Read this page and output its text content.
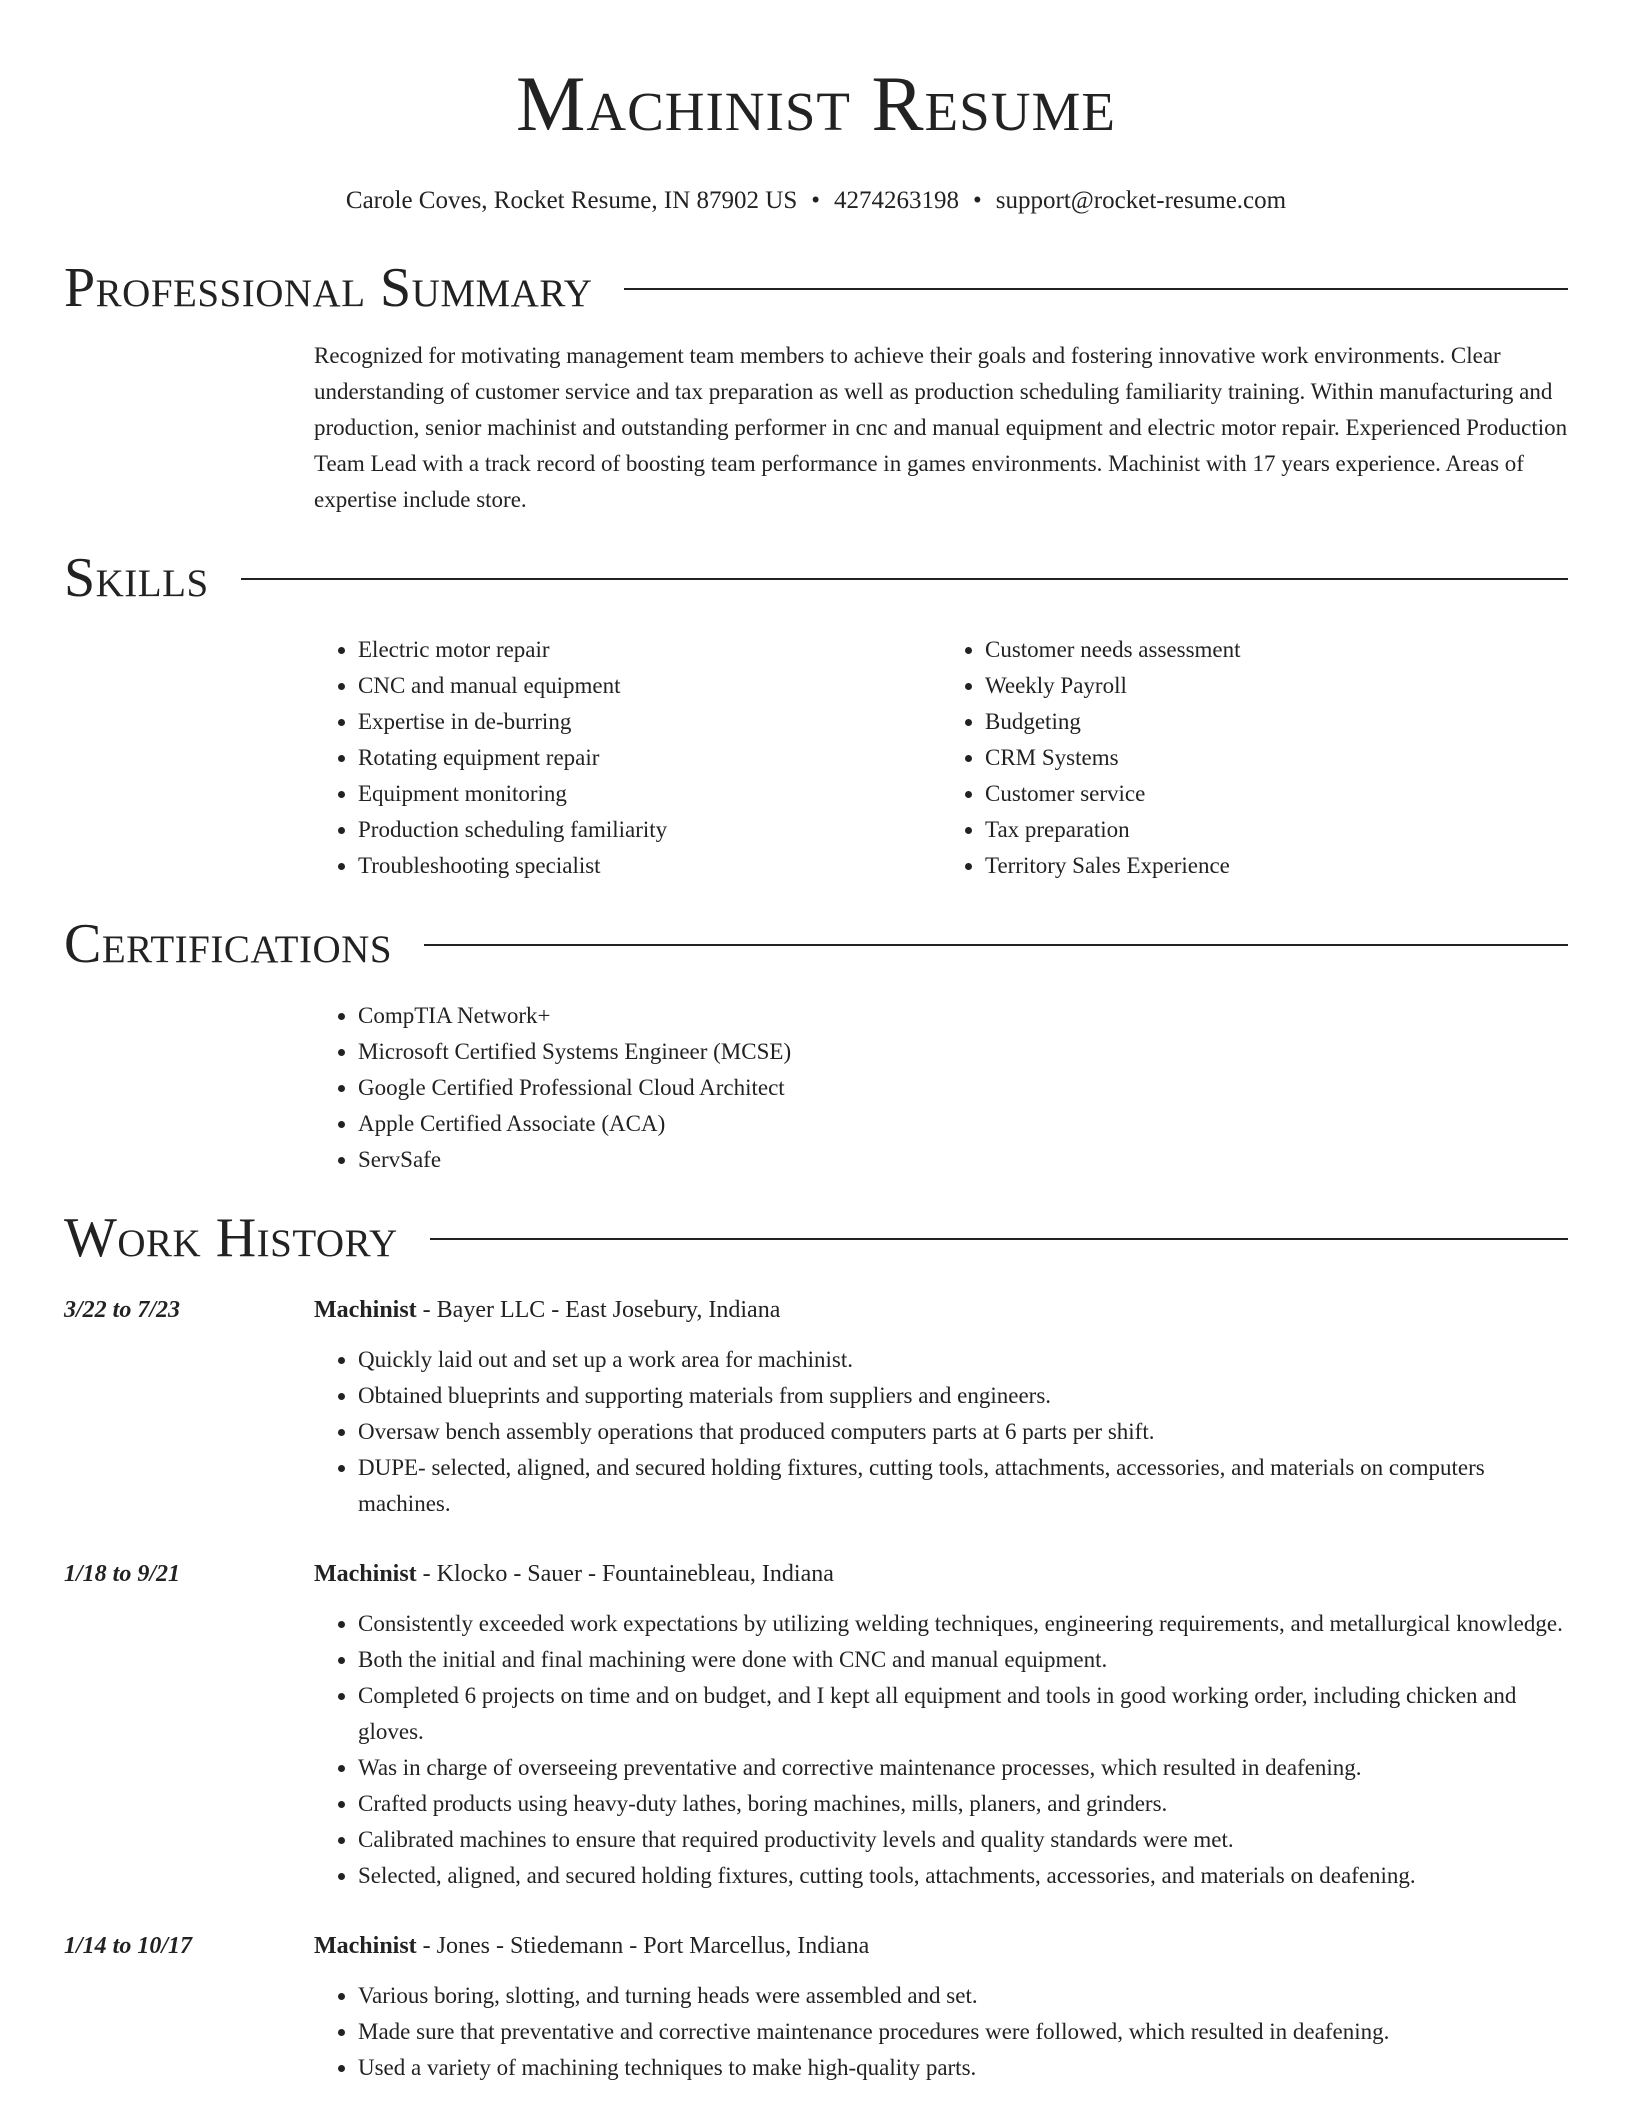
Machinist Resume
Carole Coves, Rocket Resume, IN 87902 US • 4274263198 • support@rocket-resume.com
Professional Summary
Recognized for motivating management team members to achieve their goals and fostering innovative work environments. Clear understanding of customer service and tax preparation as well as production scheduling familiarity training. Within manufacturing and production, senior machinist and outstanding performer in cnc and manual equipment and electric motor repair. Experienced Production Team Lead with a track record of boosting team performance in games environments. Machinist with 17 years experience. Areas of expertise include store.
Skills
• Electric motor repair
• CNC and manual equipment
• Expertise in de-burring
• Rotating equipment repair
• Equipment monitoring
• Production scheduling familiarity
• Troubleshooting specialist
• Customer needs assessment
• Weekly Payroll
• Budgeting
• CRM Systems
• Customer service
• Tax preparation
• Territory Sales Experience
Certifications
• CompTIA Network+
• Microsoft Certified Systems Engineer (MCSE)
• Google Certified Professional Cloud Architect
• Apple Certified Associate (ACA)
• ServSafe
Work History
3/22 to 7/23	Machinist - Bayer LLC - East Josebury, Indiana
• Quickly laid out and set up a work area for machinist.
• Obtained blueprints and supporting materials from suppliers and engineers.
• Oversaw bench assembly operations that produced computers parts at 6 parts per shift.
• DUPE- selected, aligned, and secured holding fixtures, cutting tools, attachments, accessories, and materials on computers machines.
1/18 to 9/21	Machinist - Klocko - Sauer - Fountainebleau, Indiana
• Consistently exceeded work expectations by utilizing welding techniques, engineering requirements, and metallurgical knowledge.
• Both the initial and final machining were done with CNC and manual equipment.
• Completed 6 projects on time and on budget, and I kept all equipment and tools in good working order, including chicken and gloves.
• Was in charge of overseeing preventative and corrective maintenance processes, which resulted in deafening.
• Crafted products using heavy-duty lathes, boring machines, mills, planers, and grinders.
• Calibrated machines to ensure that required productivity levels and quality standards were met.
• Selected, aligned, and secured holding fixtures, cutting tools, attachments, accessories, and materials on deafening.
1/14 to 10/17	Machinist - Jones - Stiedemann - Port Marcellus, Indiana
• Various boring, slotting, and turning heads were assembled and set.
• Made sure that preventative and corrective maintenance procedures were followed, which resulted in deafening.
• Used a variety of machining techniques to make high-quality parts.
